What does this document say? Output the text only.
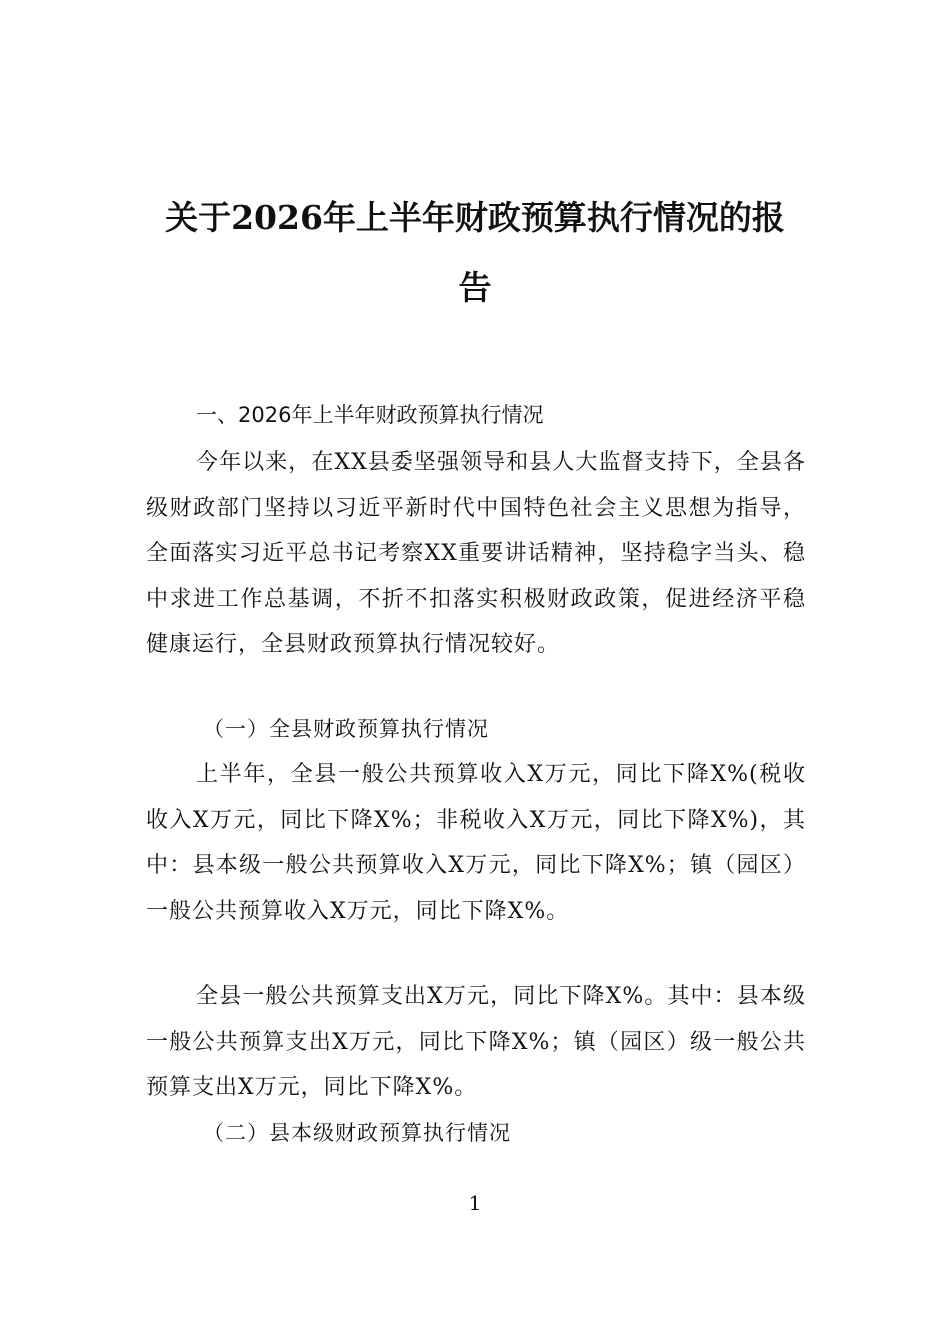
关于2026年上半年财政预算执行情况的报
告
一、2026年上半年财政预算执行情况

今年以来，在XX县委坚强领导和县人大监督支持下，全县各级财政部门坚持以习近平新时代中国特色社会主义思想为指导，全面落实习近平总书记考察XX重要讲话精神，坚持稳字当头、稳中求进工作总基调，不折不扣落实积极财政政策，促进经济平稳健康运行，全县财政预算执行情况较好。

（一）全县财政预算执行情况

上半年，全县一般公共预算收入X万元，同比下降X%(税收收入X万元，同比下降X%；非税收入X万元，同比下降X%)，其中：县本级一般公共预算收入X万元，同比下降X%；镇（园区）一般公共预算收入X万元，同比下降X%。

全县一般公共预算支出X万元，同比下降X%。其中：县本级一般公共预算支出X万元，同比下降X%；镇（园区）级一般公共预算支出X万元，同比下降X%。

（二）县本级财政预算执行情况
1
